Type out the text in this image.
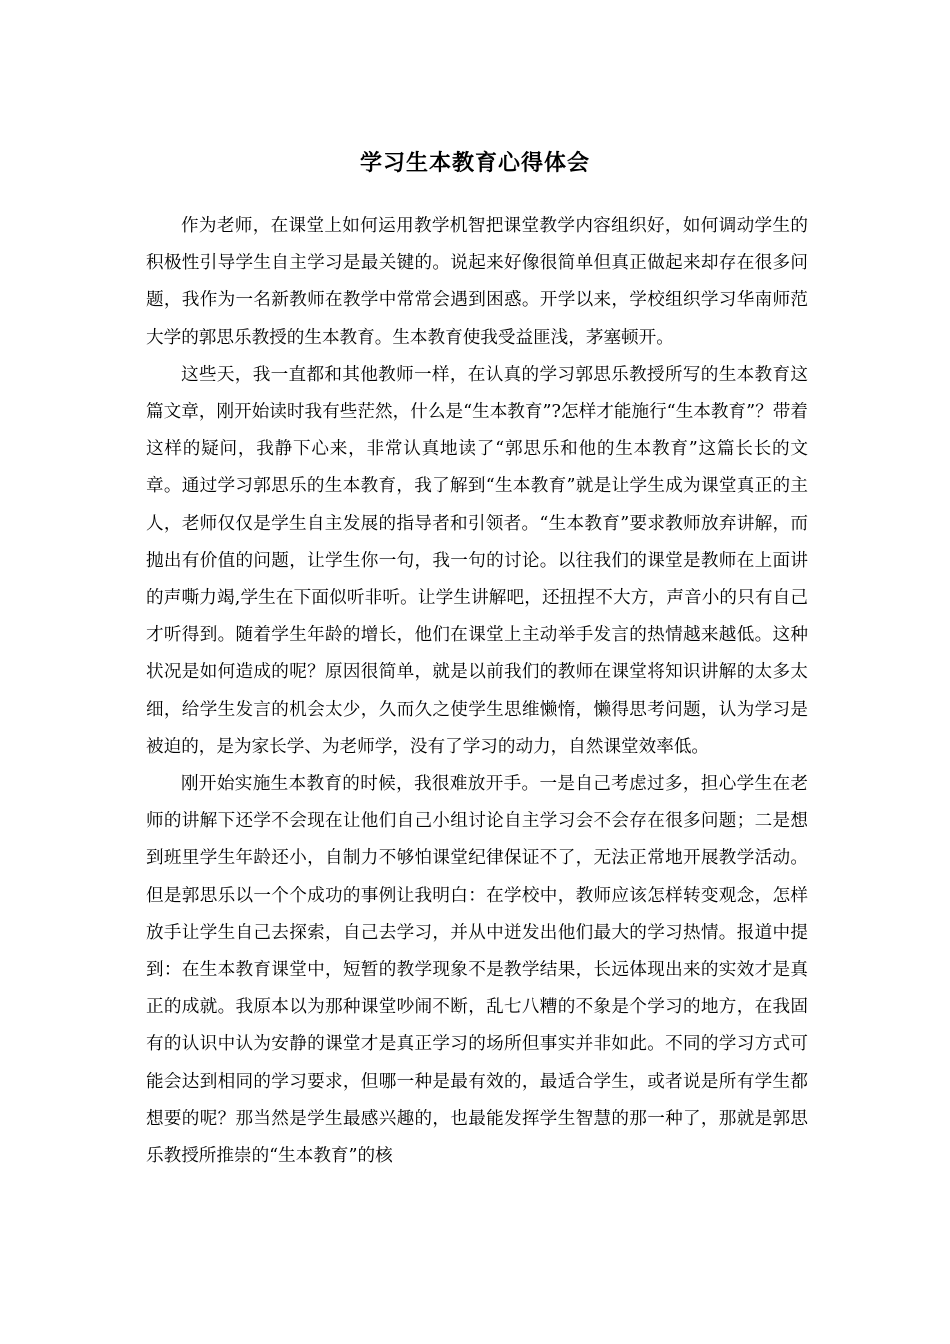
学习生本教育心得体会

作为老师，在课堂上如何运用教学机智把课堂教学内容组织好，如何调动学生的积极性引导学生自主学习是最关键的。说起来好像很简单但真正做起来却存在很多问题，我作为一名新教师在教学中常常会遇到困惑。开学以来，学校组织学习华南师范大学的郭思乐教授的生本教育。生本教育使我受益匪浅，茅塞顿开。

这些天，我一直都和其他教师一样，在认真的学习郭思乐教授所写的生本教育这篇文章，刚开始读时我有些茫然，什么是“生本教育”?怎样才能施行“生本教育”？带着这样的疑问，我静下心来，非常认真地读了“郭思乐和他的生本教育”这篇长长的文章。通过学习郭思乐的生本教育，我了解到“生本教育”就是让学生成为课堂真正的主人，老师仅仅是学生自主发展的指导者和引领者。“生本教育”要求教师放弃讲解，而抛出有价值的问题，让学生你一句，我一句的讨论。以往我们的课堂是教师在上面讲的声嘶力竭,学生在下面似听非听。让学生讲解吧，还扭捏不大方，声音小的只有自己才听得到。随着学生年龄的增长，他们在课堂上主动举手发言的热情越来越低。这种状况是如何造成的呢？原因很简单，就是以前我们的教师在课堂将知识讲解的太多太细，给学生发言的机会太少，久而久之使学生思维懒惰，懒得思考问题，认为学习是被迫的，是为家长学、为老师学，没有了学习的动力，自然课堂效率低。

刚开始实施生本教育的时候，我很难放开手。一是自己考虑过多，担心学生在老师的讲解下还学不会现在让他们自己小组讨论自主学习会不会存在很多问题；二是想到班里学生年龄还小，自制力不够怕课堂纪律保证不了，无法正常地开展教学活动。但是郭思乐以一个个成功的事例让我明白：在学校中，教师应该怎样转变观念，怎样放手让学生自己去探索，自己去学习，并从中迸发出他们最大的学习热情。报道中提到：在生本教育课堂中，短暂的教学现象不是教学结果，长远体现出来的实效才是真正的成就。我原本以为那种课堂吵闹不断，乱七八糟的不象是个学习的地方，在我固有的认识中认为安静的课堂才是真正学习的场所但事实并非如此。不同的学习方式可能会达到相同的学习要求，但哪一种是最有效的，最适合学生，或者说是所有学生都想要的呢？那当然是学生最感兴趣的，也最能发挥学生智慧的那一种了，那就是郭思乐教授所推崇的“生本教育”的核
